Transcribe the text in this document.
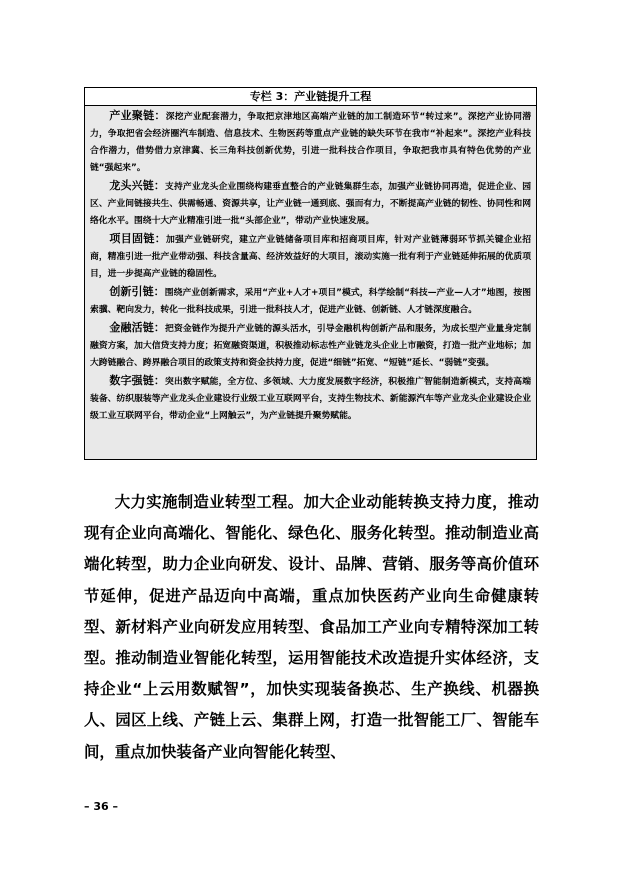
专栏 3：产业链提升工程

产业聚链：深挖产业配套潜力，争取把京津地区高端产业链的加工制造环节“转过来”。深挖产业协同潜力，争取把省会经济圈汽车制造、信息技术、生物医药等重点产业链的缺失环节在我市“补起来”。深挖产业科技合作潜力，借势借力京津冀、长三角科技创新优势，引进一批科技合作项目，争取把我市具有特色优势的产业链“强起来”。

龙头兴链：支持产业龙头企业围绕构建垂直整合的产业链集群生态，加强产业链协同再造，促进企业、园区、产业间链接共生、供需畅通、资源共享，让产业链一通到底、强而有力，不断提高产业链的韧性、协同性和网络化水平。围绕十大产业精准引进一批“头部企业”，带动产业快速发展。

项目固链：加强产业链研究，建立产业链储备项目库和招商项目库，针对产业链薄弱环节抓关键企业招商，精准引进一批产业带动强、科技含量高、经济效益好的大项目，滚动实施一批有利于产业链延伸拓展的优质项目，进一步提高产业链的稳固性。

创新引链：围绕产业创新需求，采用“产业+人才+项目”模式，科学绘制“科技—产业—人才”地图，按图索骥、靶向发力，转化一批科技成果，引进一批科技人才，促进产业链、创新链、人才链深度融合。

金融活链：把资金链作为提升产业链的源头活水，引导金融机构创新产品和服务，为成长型产业量身定制融资方案，加大信贷支持力度；拓宽融资渠道，积极推动标志性产业链龙头企业上市融资，打造一批产业地标；加大跨链融合、跨界融合项目的政策支持和资金扶持力度，促进“细链”拓宽、“短链”延长、“弱链”变强。

数字强链：突出数字赋能，全方位、多领域、大力度发展数字经济，积极推广智能制造新模式，支持高端装备、纺织服装等产业龙头企业建设行业级工业互联网平台，支持生物技术、新能源汽车等产业龙头企业建设企业级工业互联网平台，带动企业“上网触云”，为产业链提升聚势赋能。

大力实施制造业转型工程。加大企业动能转换支持力度，推动现有企业向高端化、智能化、绿色化、服务化转型。推动制造业高端化转型，助力企业向研发、设计、品牌、营销、服务等高价值环节延伸，促进产品迈向中高端，重点加快医药产业向生命健康转型、新材料产业向研发应用转型、食品加工产业向专精特深加工转型。推动制造业智能化转型，运用智能技术改造提升实体经济，支持企业“上云用数赋智”，加快实现装备换芯、生产换线、机器换人、园区上线、产链上云、集群上网，打造一批智能工厂、智能车间，重点加快装备产业向智能化转型、

– 36 –
